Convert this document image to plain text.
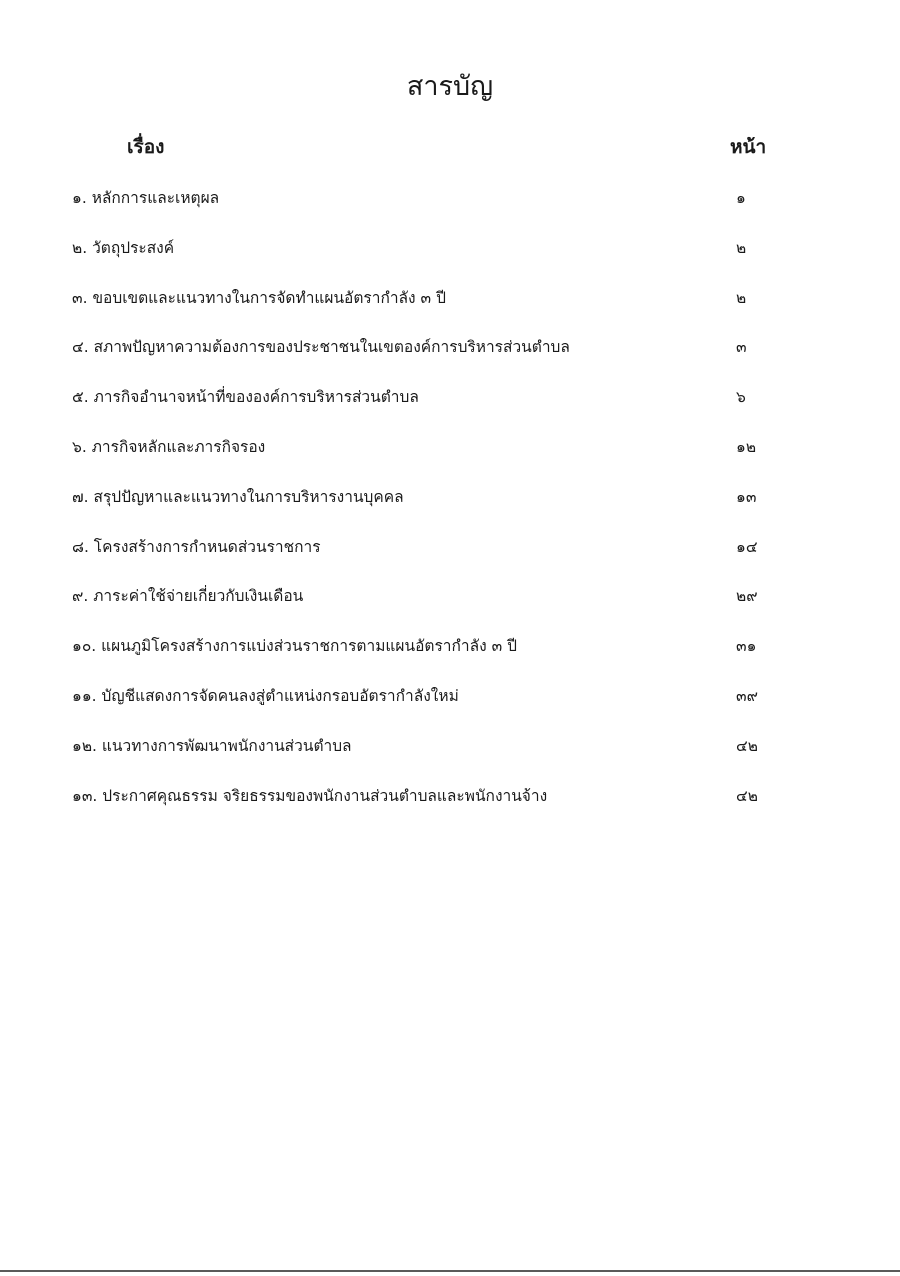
สารบัญ
เรื่อง	หน้า
๑. หลักการและเหตุผล	๑
๒. วัตถุประสงค์	๒
๓. ขอบเขตและแนวทางในการจัดทำแผนอัตรากำลัง ๓ ปี	๒
๔. สภาพปัญหาความต้องการของประชาชนในเขตองค์การบริหารส่วนตำบล	๓
๕. ภารกิจอำนาจหน้าที่ขององค์การบริหารส่วนตำบล	๖
๖. ภารกิจหลักและภารกิจรอง	๑๒
๗. สรุปปัญหาและแนวทางในการบริหารงานบุคคล	๑๓
๘. โครงสร้างการกำหนดส่วนราชการ	๑๔
๙. ภาระค่าใช้จ่ายเกี่ยวกับเงินเดือน	๒๙
๑๐. แผนภูมิโครงสร้างการแบ่งส่วนราชการตามแผนอัตรากำลัง ๓ ปี	๓๑
๑๑. บัญชีแสดงการจัดคนลงสู่ตำแหน่งกรอบอัตรากำลังใหม่	๓๙
๑๒. แนวทางการพัฒนาพนักงานส่วนตำบล	๔๒
๑๓. ประกาศคุณธรรม จริยธรรมของพนักงานส่วนตำบลและพนักงานจ้าง	๔๒
